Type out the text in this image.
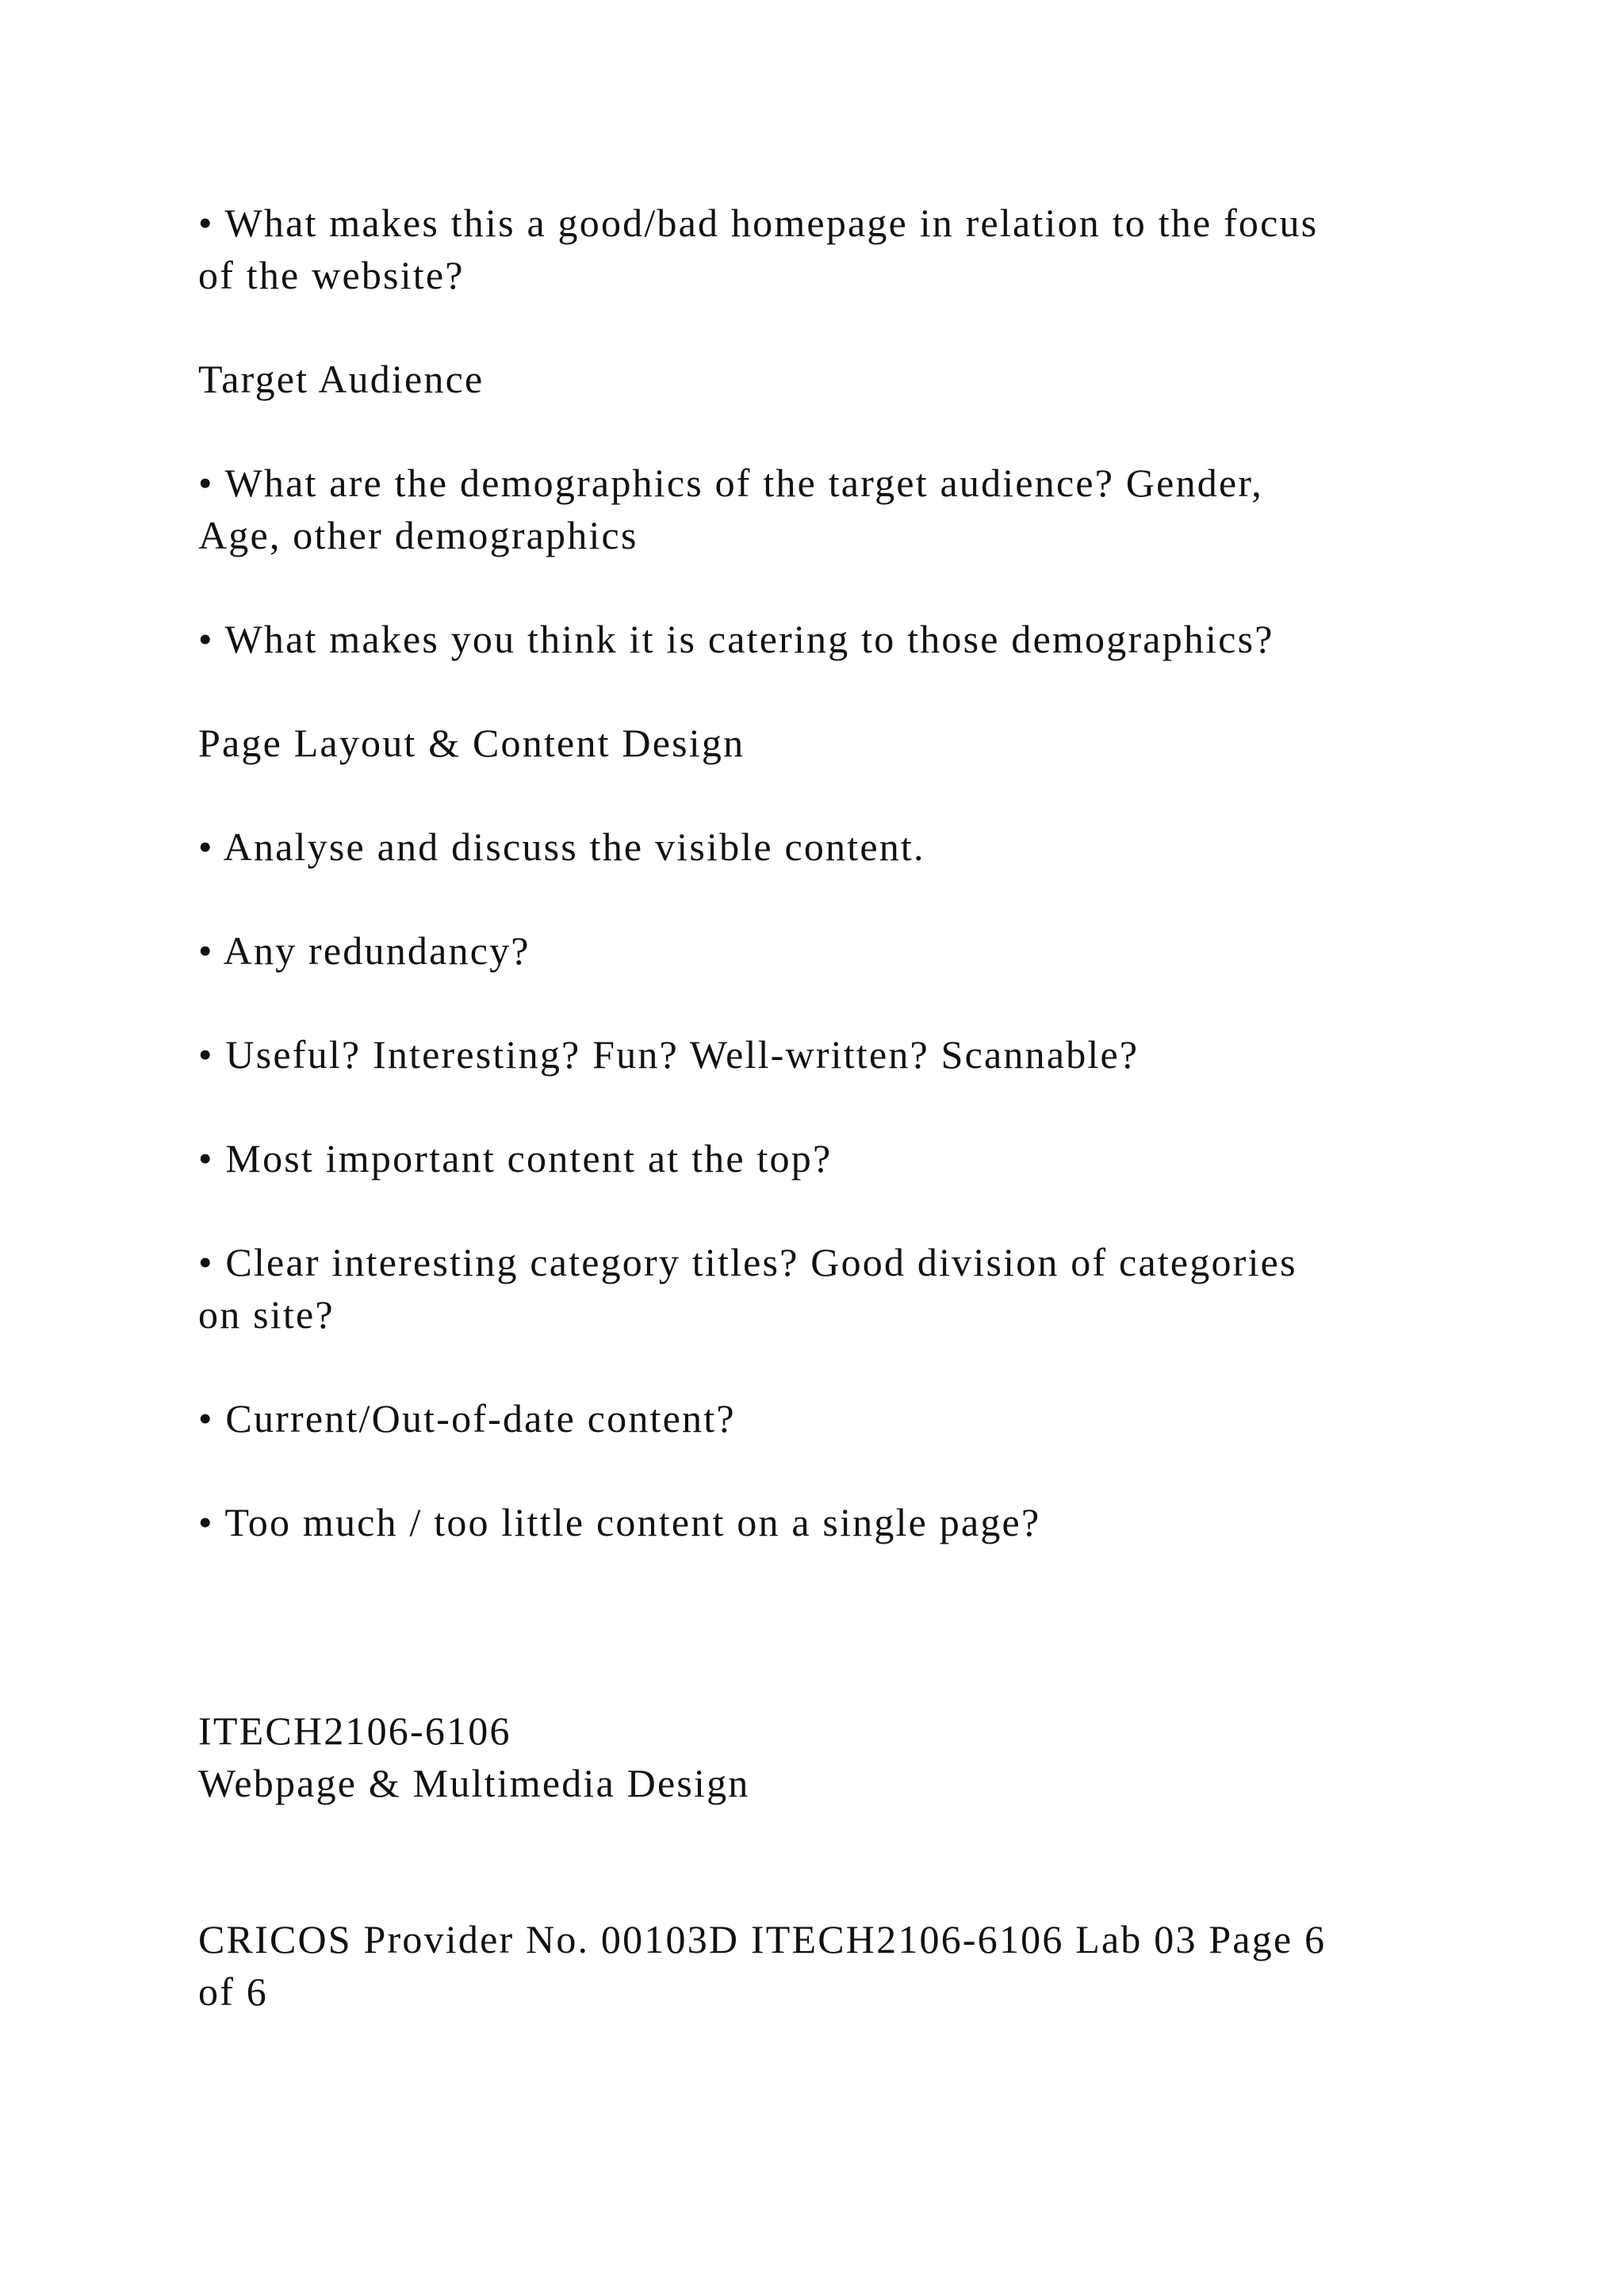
• What makes this a good/bad homepage in relation to the focus
of the website?

Target Audience

• What are the demographics of the target audience? Gender,
Age, other demographics

• What makes you think it is catering to those demographics?

Page Layout & Content Design

• Analyse and discuss the visible content.

• Any redundancy?

• Useful? Interesting? Fun? Well-written? Scannable?

• Most important content at the top?

• Clear interesting category titles? Good division of categories
on site?

• Current/Out-of-date content?

• Too much / too little content on a single page?

ITECH2106-6106

Webpage & Multimedia Design

CRICOS Provider No. 00103D ITECH2106-6106 Lab 03 Page 6
of 6
